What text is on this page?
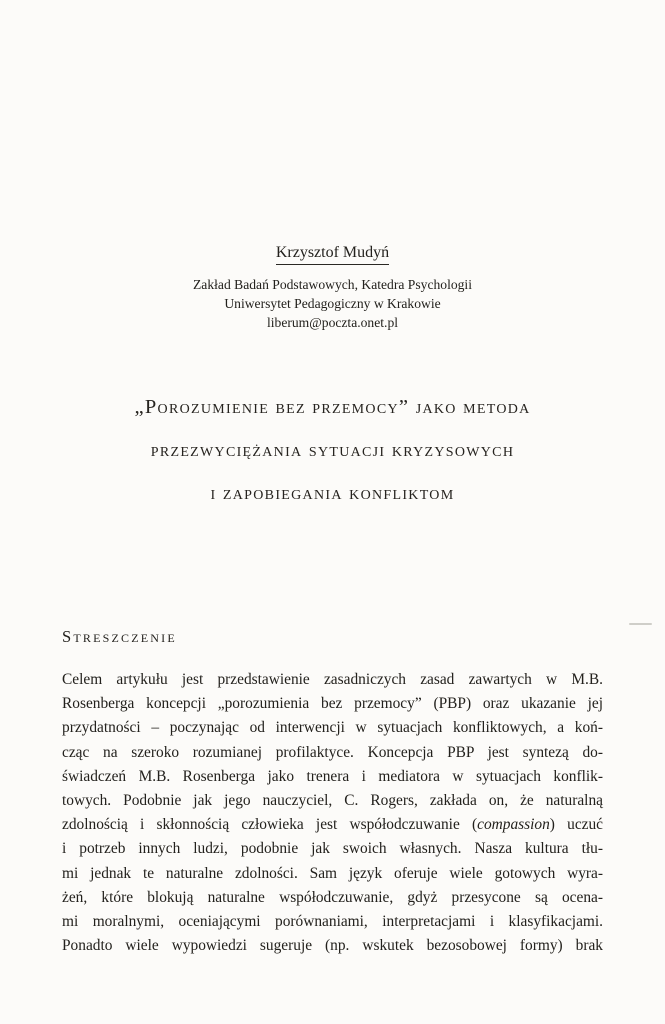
Krzysztof Mudyń
Zakład Badań Podstawowych, Katedra Psychologii
Uniwersytet Pedagogiczny w Krakowie
liberum@poczta.onet.pl
„Porozumienie bez przemocy” jako metoda
przezwyciężania sytuacji kryzysowych
i zapobiegania konfliktom
Streszczenie
Celem artykułu jest przedstawienie zasadniczych zasad zawartych w M.B.
Rosenberga koncepcji „porozumienia bez przemocy” (PBP) oraz ukazanie jej
przydatności – poczynając od interwencji w sytuacjach konfliktowych, a koń-
cząc na szeroko rozumianej profilaktyce. Koncepcja PBP jest syntezą do-
świadczeń M.B. Rosenberga jako trenera i mediatora w sytuacjach konflik-
towych. Podobnie jak jego nauczyciel, C. Rogers, zakłada on, że naturalną
zdolnością i skłonnością człowieka jest współodczuwanie (compassion) uczuć
i potrzeb innych ludzi, podobnie jak swoich własnych. Nasza kultura tłu-
mi jednak te naturalne zdolności. Sam język oferuje wiele gotowych wyra-
żeń, które blokują naturalne współodczuwanie, gdyż przesycone są ocena-
mi moralnymi, oceniającymi porównaniami, interpretacjami i klasyfikacjami.
Ponadto wiele wypowiedzi sugeruje (np. wskutek bezosobowej formy) brak
